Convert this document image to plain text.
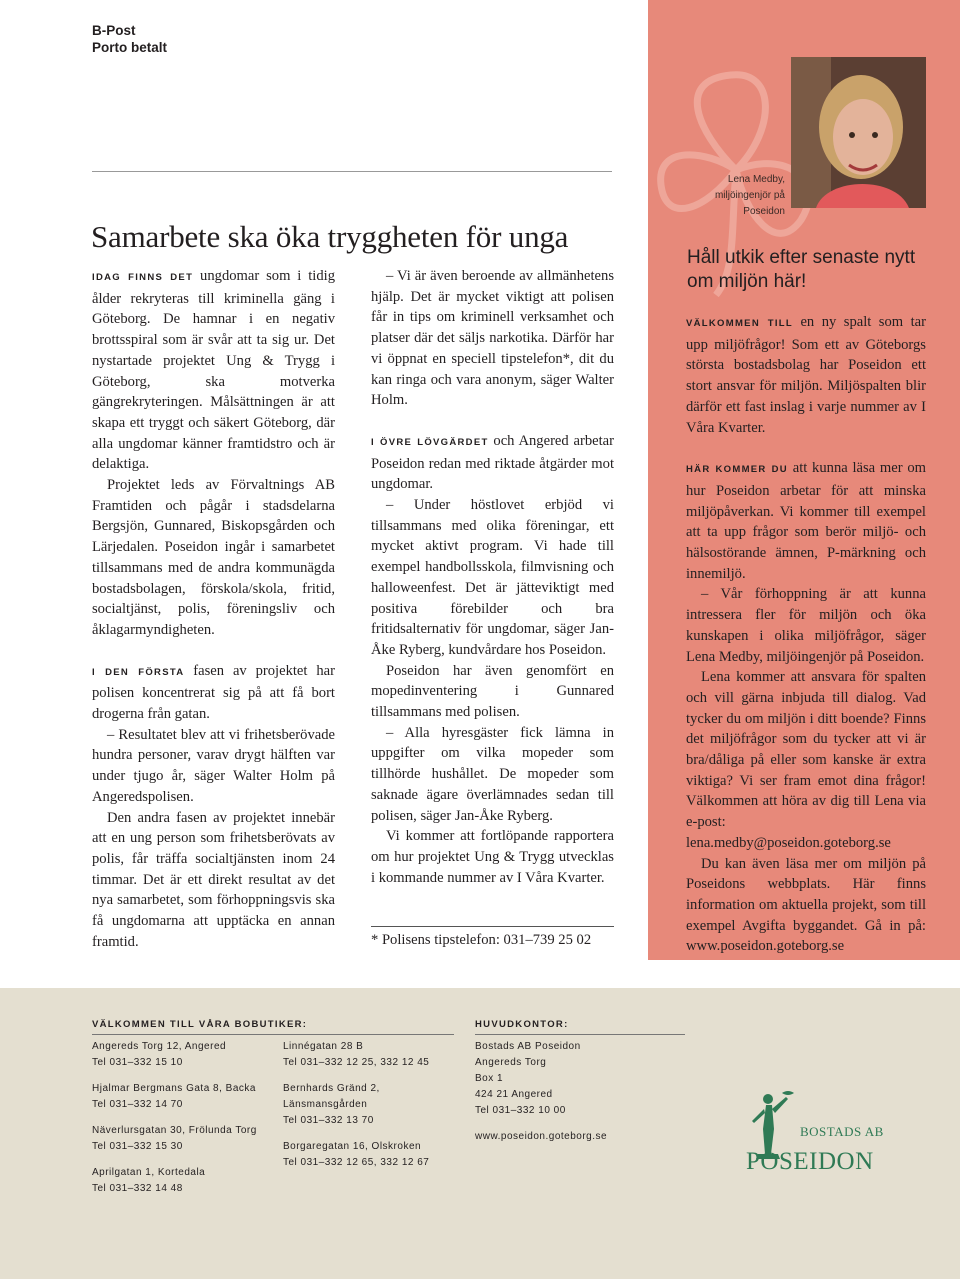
B-Post
Porto betalt
Samarbete ska öka tryggheten för unga

IDAG FINNS DET ungdomar som i tidig ålder rekryteras till kriminella gäng i Göteborg. De hamnar i en negativ brottsspiral som är svår att ta sig ur. Det nystartade projektet Ung & Trygg i Göteborg, ska motverka gängrekryteringen. Målsättningen är att skapa ett tryggt och säkert Göteborg, där alla ungdomar känner framtidstro och är delaktiga.

Projektet leds av Förvaltnings AB Framtiden och pågår i stadsdelarna Bergsjön, Gunnared, Biskopsgården och Lärjedalen. Poseidon ingår i samarbetet tillsammans med de andra kommunägda bostadsbolagen, förskola/skola, fritid, socialtjänst, polis, föreningsliv och åklagarmyndigheten.

I DEN FÖRSTA fasen av projektet har polisen koncentrerat sig på att få bort drogerna från gatan.

– Resultatet blev att vi frihetsberövade hundra personer, varav drygt hälften var under tjugo år, säger Walter Holm på Angeredspolisen.

Den andra fasen av projektet innebär att en ung person som frihetsberövats av polis, får träffa socialtjänsten inom 24 timmar. Det är ett direkt resultat av det nya samarbetet, som förhoppningsvis ska få ungdomarna att upptäcka en annan framtid.

– Vi är även beroende av allmänhetens hjälp. Det är mycket viktigt att polisen får in tips om kriminell verksamhet och platser där det säljs narkotika. Därför har vi öppnat en speciell tipstelefon*, dit du kan ringa och vara anonym, säger Walter Holm.

I ÖVRE LÖVGÄRDET och Angered arbetar Poseidon redan med riktade åtgärder mot ungdomar.

– Under höstlovet erbjöd vi tillsammans med olika föreningar, ett mycket aktivt program. Vi hade till exempel handbollsskola, filmvisning och halloweenfest. Det är jätteviktigt med positiva förebilder och bra fritidsalternativ för ungdomar, säger Jan-Åke Ryberg, kundvårdare hos Poseidon.

Poseidon har även genomfört en mopedinventering i Gunnared tillsammans med polisen.

– Alla hyresgäster fick lämna in uppgifter om vilka mopeder som tillhörde hushållet. De mopeder som saknade ägare överlämnades sedan till polisen, säger Jan-Åke Ryberg.

Vi kommer att fortlöpande rapportera om hur projektet Ung & Trygg utvecklas i kommande nummer av I Våra Kvarter.

* Polisens tipstelefon: 031–739 25 02
Lena Medby, miljöingenjör på Poseidon
Håll utkik efter senaste nytt om miljön här!

VÄLKOMMEN TILL en ny spalt som tar upp miljöfrågor! Som ett av Göteborgs största bostadsbolag har Poseidon ett stort ansvar för miljön. Miljöspalten blir därför ett fast inslag i varje nummer av I Våra Kvarter.

HÄR KOMMER DU att kunna läsa mer om hur Poseidon arbetar för att minska miljöpåverkan. Vi kommer till exempel att ta upp frågor som berör miljö- och hälsostörande ämnen, P-märkning och innemiljö.

– Vår förhoppning är att kunna intressera fler för miljön och öka kunskapen i olika miljöfrågor, säger Lena Medby, miljöingenjör på Poseidon.

Lena kommer att ansvara för spalten och vill gärna inbjuda till dialog. Vad tycker du om miljön i ditt boende? Finns det miljöfrågor som du tycker att vi är bra/dåliga på eller som kanske är extra viktiga? Vi ser fram emot dina frågor! Välkommen att höra av dig till Lena via e-post: lena.medby@poseidon.goteborg.se

Du kan även läsa mer om miljön på Poseidons webbplats. Här finns information om aktuella projekt, som till exempel Avgifta byggandet. Gå in på: www.poseidon.goteborg.se

VÄLKOMMEN TILL VÅRA BOBUTIKER:	HUVUDKONTOR:
Angereds Torg 12, Angered
Tel 031–332 15 10
Hjalmar Bergmans Gata 8, Backa
Tel 031–332 14 70
Näverlursgatan 30, Frölunda Torg
Tel 031–332 15 30
Aprilgatan 1, Kortedala
Tel 031–332 14 48
Linnégatan 28 B
Tel 031–332 12 25, 332 12 45
Bernhards Gränd 2,
Länsmansgården
Tel 031–332 13 70
Borgaregatan 16, Olskroken
Tel 031–332 12 65, 332 12 67
Bostads AB Poseidon
Angereds Torg
Box 1
424 21 Angered
Tel 031–332 10 00
www.poseidon.goteborg.se	BOSTADS AB
POSEIDON
